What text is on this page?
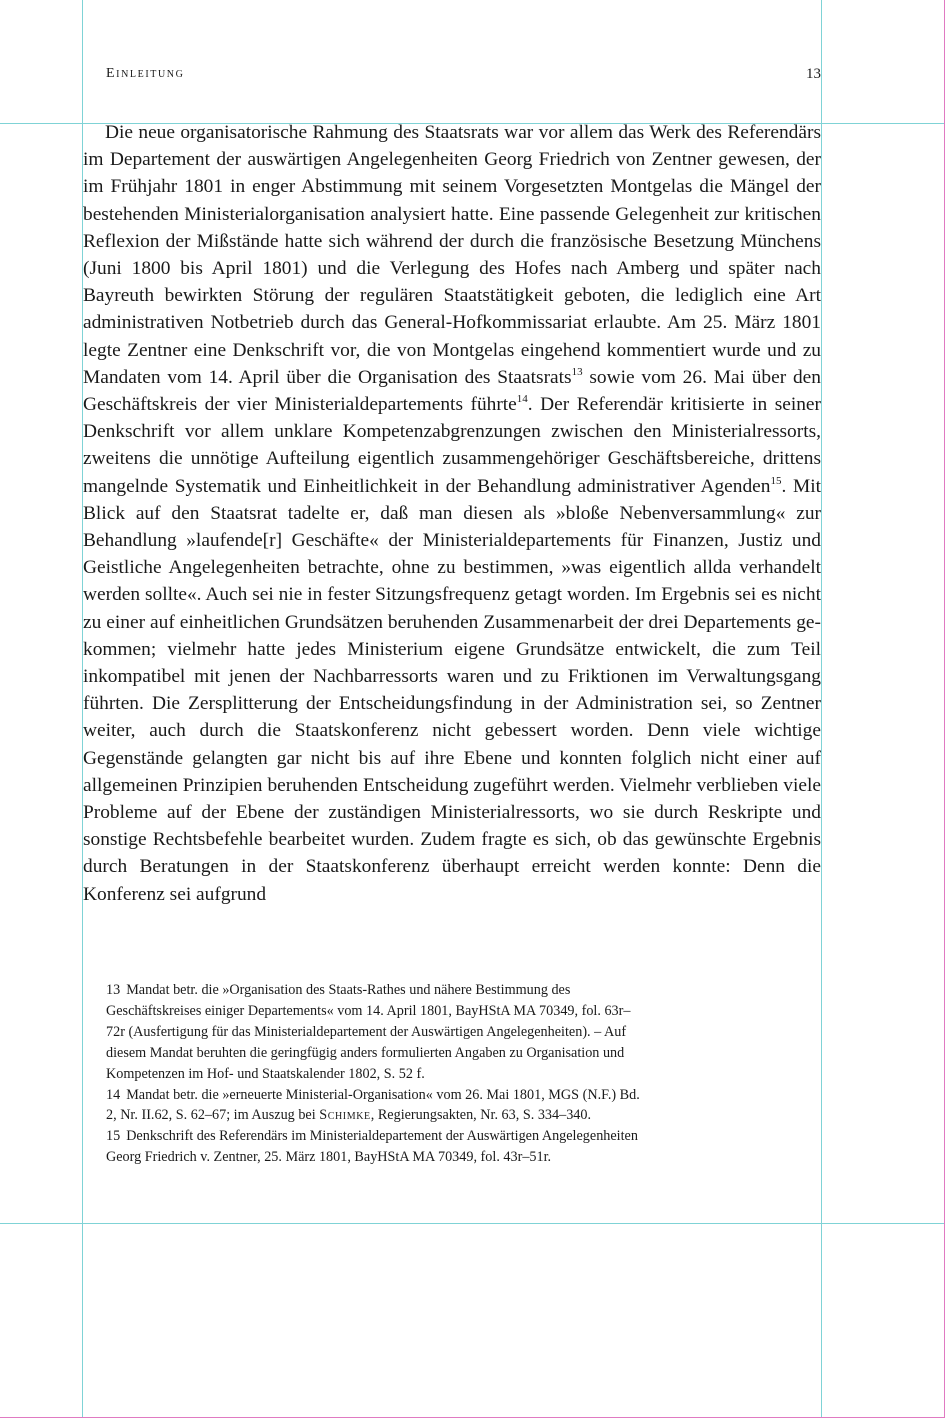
Einleitung	13

Die neue organisatorische Rahmung des Staatsrats war vor allem das Werk des Referendärs im Departement der auswärtigen Angelegenheiten Georg Friedrich von Zentner gewesen, der im Frühjahr 1801 in enger Abstimmung mit seinem Vorgesetzten Montgelas die Mängel der bestehenden Ministerialorganisation analysiert hatte. Eine passende Gelegenheit zur kritischen Reflexion der Mißstände hatte sich während der durch die französische Besetzung Münchens (Juni 1800 bis April 1801) und die Verlegung des Hofes nach Amberg und später nach Bayreuth bewirkten Störung der regulären Staatstätigkeit geboten, die lediglich eine Art administrativen Notbetrieb durch das General-Hofkommissariat erlaubte. Am 25. März 1801 legte Zentner eine Denkschrift vor, die von Montgelas eingehend kommentiert wurde und zu Mandaten vom 14. April über die Organisation des Staatsrats$^{13}$ sowie vom 26. Mai über den Geschäftskreis der vier Ministerialdepartements führte$^{14}$. Der Referendär kritisierte in seiner Denkschrift vor allem unklare Kompetenzabgrenzungen zwischen den Ministerialressorts, zweitens die unnötige Aufteilung eigentlich zusammengehöriger Geschäftsbereiche, drittens mangelnde Systematik und Einheitlichkeit in der Behandlung administrativer Agenden$^{15}$. Mit Blick auf den Staatsrat tadelte er, daß man diesen als »bloße Nebenversammlung« zur Behandlung »laufende[r] Geschäfte« der Ministerialdepartements für Finanzen, Justiz und Geistliche Angelegenheiten betrachte, ohne zu bestimmen, »was eigentlich allda verhandelt werden sollte«. Auch sei nie in fester Sitzungsfrequenz getagt worden. Im Ergebnis sei es nicht zu einer auf einheitlichen Grundsätzen beruhenden Zusammenarbeit der drei Departements gekommen; vielmehr hatte jedes Ministerium eigene Grundsätze entwickelt, die zum Teil inkompatibel mit jenen der Nachbarressorts waren und zu Friktionen im Verwaltungsgang führten. Die Zersplitterung der Entscheidungsfindung in der Administration sei, so Zentner weiter, auch durch die Staatskonferenz nicht gebessert worden. Denn viele wichtige Gegenstände gelangten gar nicht bis auf ihre Ebene und konnten folglich nicht einer auf allgemeinen Prinzipien beruhenden Entscheidung zugeführt werden. Vielmehr verblieben viele Probleme auf der Ebene der zuständigen Ministerialressorts, wo sie durch Reskripte und sonstige Rechtsbefehle bearbeitet wurden. Zudem fragte es sich, ob das gewünschte Ergebnis durch Beratungen in der Staatskonferenz überhaupt erreicht werden konnte: Denn die Konferenz sei aufgrund

13 Mandat betr. die »Organisation des Staats-Rathes und nähere Bestimmung des Geschäftskreises einiger Departements« vom 14. April 1801, BayHStA MA 70349, fol. 63r–72r (Ausfertigung für das Ministerialdepartement der Auswärtigen Angelegenheiten). – Auf diesem Mandat beruhten die geringfügig anders formulierten Angaben zu Organisation und Kompetenzen im Hof- und Staatskalender 1802, S. 52 f.

14 Mandat betr. die »erneuerte Ministerial-Organisation« vom 26. Mai 1801, MGS (N.F.) Bd. 2, Nr. II.62, S. 62–67; im Auszug bei Schimke, Regierungsakten, Nr. 63, S. 334–340.

15 Denkschrift des Referendärs im Ministerialdepartement der Auswärtigen Angelegenheiten Georg Friedrich v. Zentner, 25. März 1801, BayHStA MA 70349, fol. 43r–51r.
